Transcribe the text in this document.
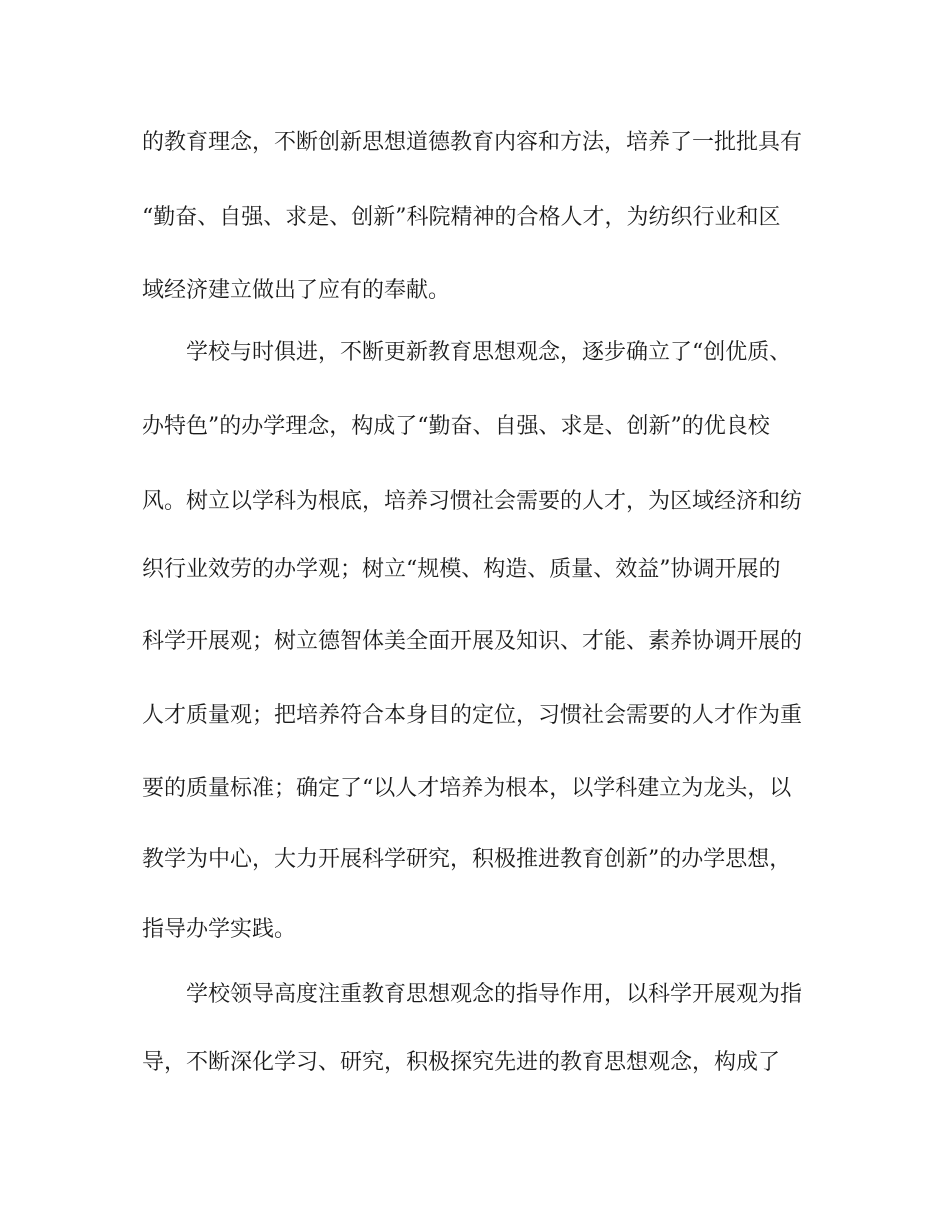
的教育理念，不断创新思想道德教育内容和方法，培养了一批批具有
“勤奋、自强、求是、创新”科院精神的合格人才，为纺织行业和区
域经济建立做出了应有的奉献。
学校与时俱进，不断更新教育思想观念，逐步确立了“创优质、
办特色”的办学理念，构成了“勤奋、自强、求是、创新”的优良校
风。树立以学科为根底，培养习惯社会需要的人才，为区域经济和纺
织行业效劳的办学观；树立“规模、构造、质量、效益”协调开展的
科学开展观；树立德智体美全面开展及知识、才能、素养协调开展的
人才质量观；把培养符合本身目的定位，习惯社会需要的人才作为重
要的质量标准；确定了“以人才培养为根本，以学科建立为龙头，以
教学为中心，大力开展科学研究，积极推进教育创新”的办学思想，
指导办学实践。
学校领导高度注重教育思想观念的指导作用，以科学开展观为指
导，不断深化学习、研究，积极探究先进的教育思想观念，构成了
